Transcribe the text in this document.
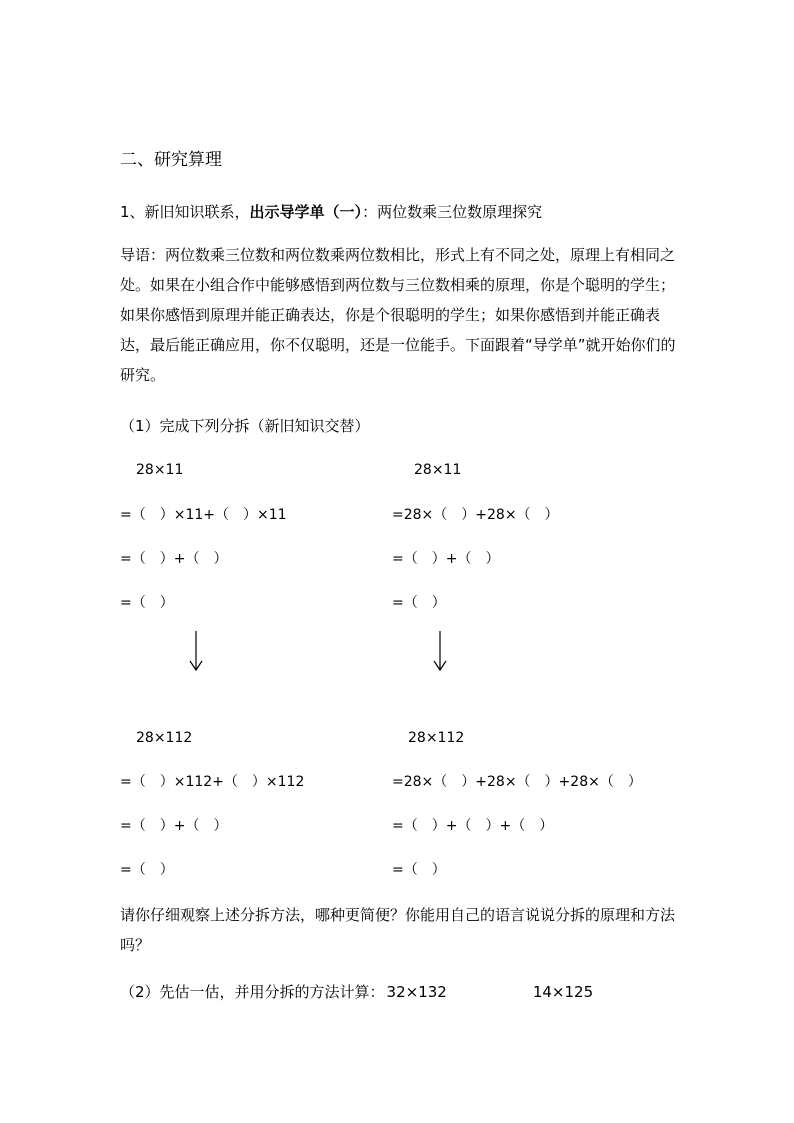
二、研究算理
1、新旧知识联系，出示导学单（一）：两位数乘三位数原理探究
导语：两位数乘三位数和两位数乘两位数相比，形式上有不同之处，原理上有相同之处。如果在小组合作中能够感悟到两位数与三位数相乘的原理，你是个聪明的学生；如果你感悟到原理并能正确表达，你是个很聪明的学生；如果你感悟到并能正确表达，最后能正确应用，你不仅聪明，还是一位能手。下面跟着“导学单”就开始你们的研究。
（1）完成下列分拆（新旧知识交替）
28×11
=（　）×11+（　）×11
=（　）+（　）
=（　）
28×11
=28×（　）+28×（　）
=（　）+（　）
=（　）
28×112
=（　）×112+（　）×112
=（　）+（　）
=（　）
28×112
=28×（　）+28×（　）+28×（　）
=（　）+（　）+（　）
=（　）
请你仔细观察上述分拆方法，哪种更简便？你能用自己的语言说说分拆的原理和方法吗？
（2）先估一估，并用分拆的方法计算： 32×132	14×125
